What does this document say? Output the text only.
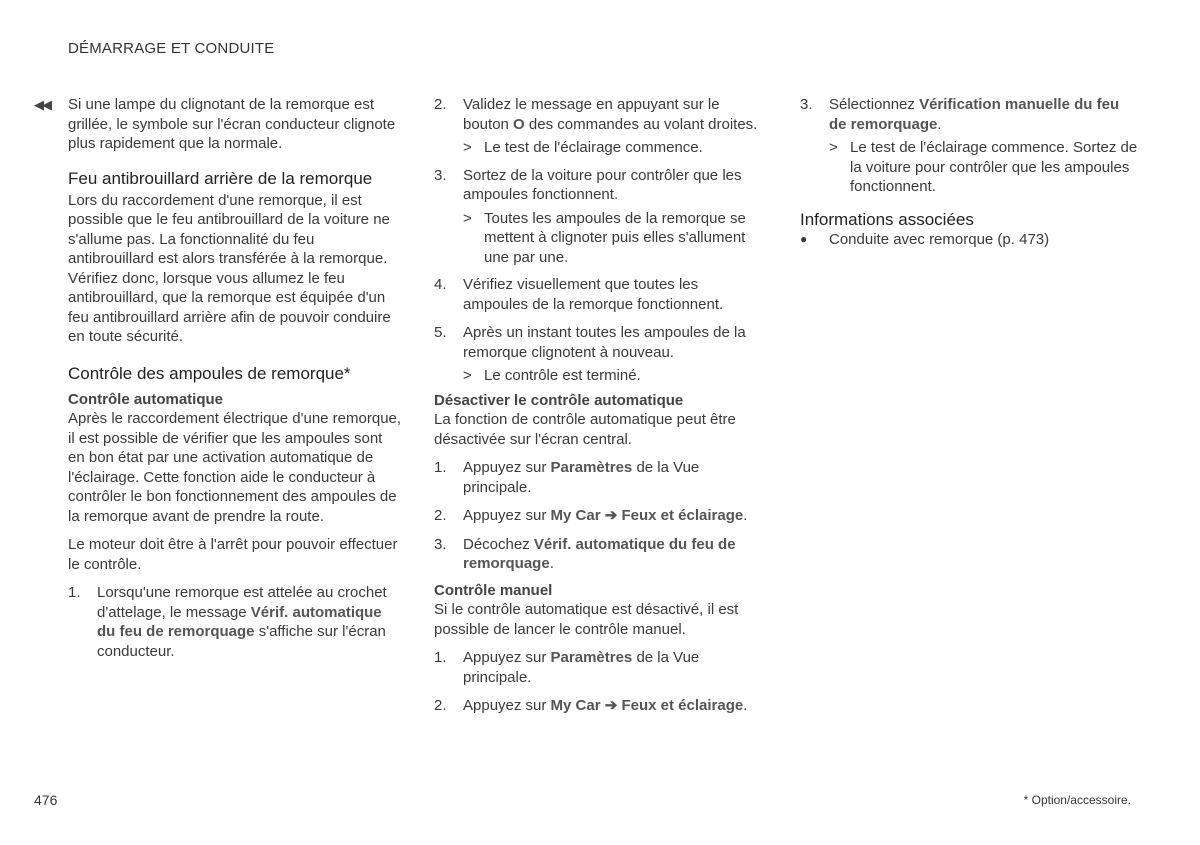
DÉMARRAGE ET CONDUITE
◀◀ Si une lampe du clignotant de la remorque est grillée, le symbole sur l'écran conducteur clignote plus rapidement que la normale.

Feu antibrouillard arrière de la remorque

Lors du raccordement d'une remorque, il est possible que le feu antibrouillard de la voiture ne s'allume pas. La fonctionnalité du feu antibrouillard est alors transférée à la remorque. Vérifiez donc, lorsque vous allumez le feu antibrouillard, que la remorque est équipée d'un feu antibrouillard arrière afin de pouvoir conduire en toute sécurité.

Contrôle des ampoules de remorque*
Contrôle automatique

Après le raccordement électrique d'une remorque, il est possible de vérifier que les ampoules sont en bon état par une activation automatique de l'éclairage. Cette fonction aide le conducteur à contrôler le bon fonctionnement des ampoules de la remorque avant de prendre la route.

Le moteur doit être à l'arrêt pour pouvoir effectuer le contrôle.

1.	Lorsqu'une remorque est attelée au crochet d'attelage, le message Vérif. automatique du feu de remorquage s'affiche sur l'écran conducteur.
2.	Validez le message en appuyant sur le bouton O des commandes au volant droites.
> Le test de l'éclairage commence.
3.	Sortez de la voiture pour contrôler que les ampoules fonctionnent.
> Toutes les ampoules de la remorque se mettent à clignoter puis elles s'allument une par une.
4.	Vérifiez visuellement que toutes les ampoules de la remorque fonctionnent.
5.	Après un instant toutes les ampoules de la remorque clignotent à nouveau.
> Le contrôle est terminé.
Désactiver le contrôle automatique

La fonction de contrôle automatique peut être désactivée sur l'écran central.

1.	Appuyez sur Paramètres de la Vue principale.
2.	Appuyez sur My Car ➔ Feux et éclairage.
3.	Décochez Vérif. automatique du feu de remorquage.
Contrôle manuel

Si le contrôle automatique est désactivé, il est possible de lancer le contrôle manuel.

1.	Appuyez sur Paramètres de la Vue principale.
2.	Appuyez sur My Car ➔ Feux et éclairage.
3.	Sélectionnez Vérification manuelle du feu de remorquage.
> Le test de l'éclairage commence. Sortez de la voiture pour contrôler que les ampoules fonctionnent.
Informations associées
●	Conduite avec remorque (p. 473)
476	* Option/accessoire.
